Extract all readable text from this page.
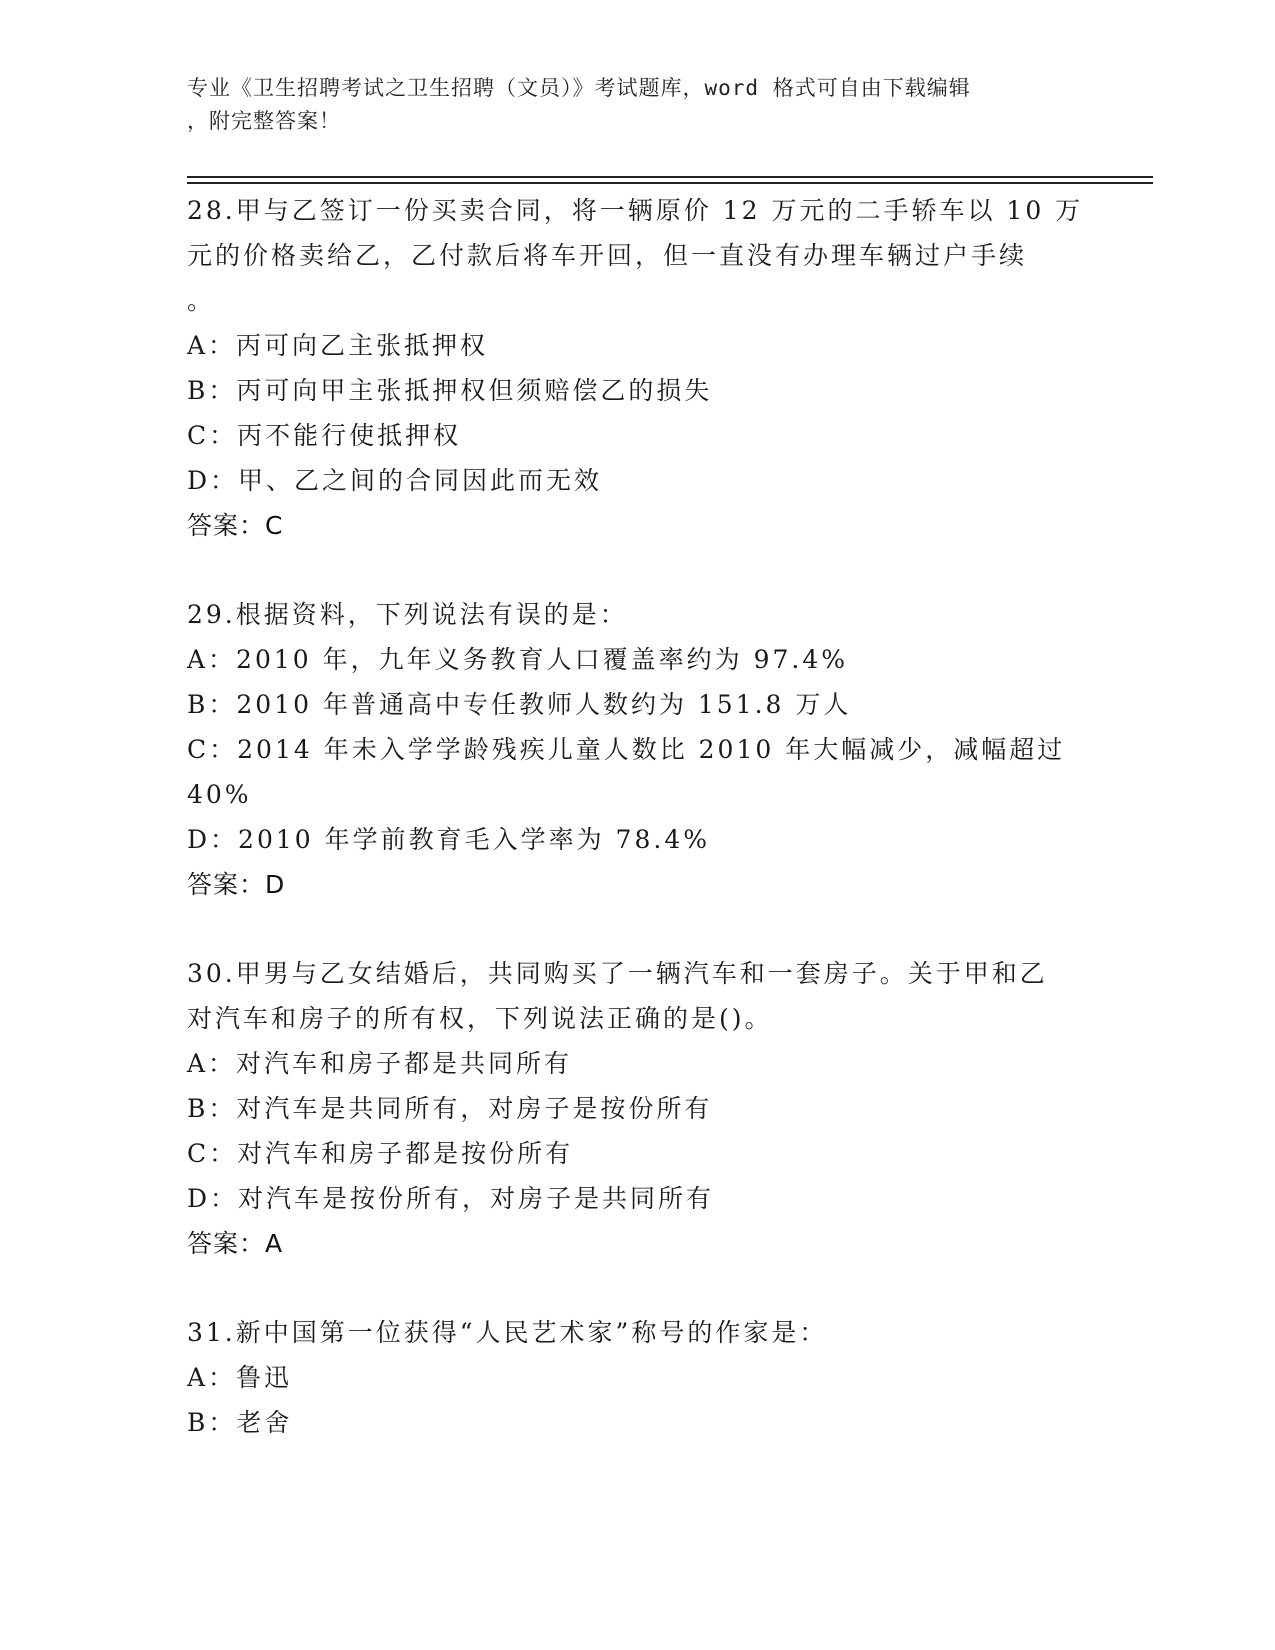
专业《卫生招聘考试之卫生招聘（文员）》考试题库，word 格式可自由下载编辑

，附完整答案！

28.甲与乙签订一份买卖合同，将一辆原价 12 万元的二手轿车以 10 万

元的价格卖给乙，乙付款后将车开回，但一直没有办理车辆过户手续

。

A：丙可向乙主张抵押权

B：丙可向甲主张抵押权但须赔偿乙的损失

C：丙不能行使抵押权

D：甲、乙之间的合同因此而无效

答案：C

29.根据资料，下列说法有误的是：

A：2010 年，九年义务教育人口覆盖率约为 97.4%

B：2010 年普通高中专任教师人数约为 151.8 万人

C：2014 年未入学学龄残疾儿童人数比 2010 年大幅减少，减幅超过

40%

D：2010 年学前教育毛入学率为 78.4%

答案：D

30.甲男与乙女结婚后，共同购买了一辆汽车和一套房子。关于甲和乙

对汽车和房子的所有权，下列说法正确的是()。

A：对汽车和房子都是共同所有

B：对汽车是共同所有，对房子是按份所有

C：对汽车和房子都是按份所有

D：对汽车是按份所有，对房子是共同所有

答案：A

31.新中国第一位获得“人民艺术家”称号的作家是：

A：鲁迅

B：老舍
